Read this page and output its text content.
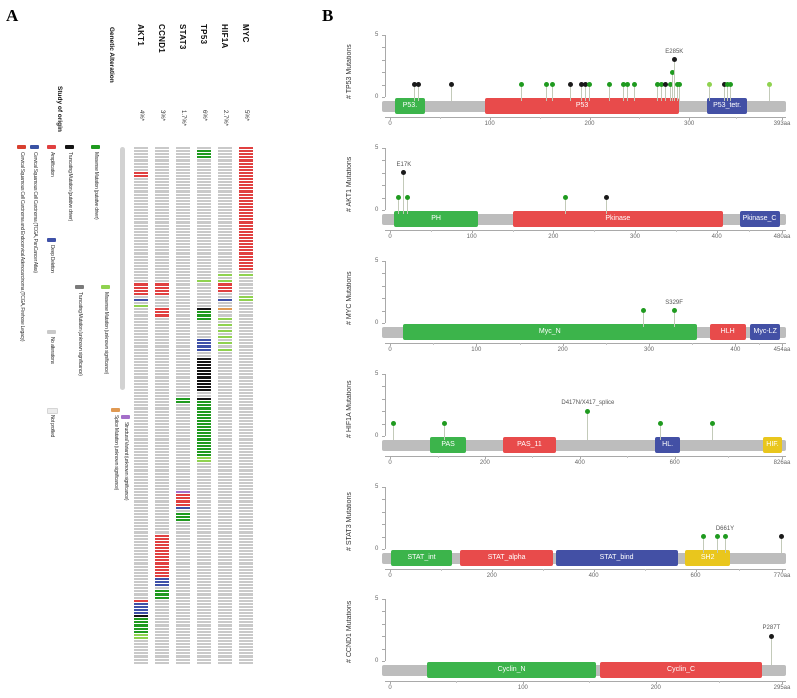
A	B
Study of origin
Genetic Alteration	AKT1
4%*
CCND1
3%*
STAT3
1.7%*
TP53
6%*
HIF1A
2.7%*
MYC
5%*
Cervical Squamous Cell Carcinoma and Endocervical Adenocarcinoma (TCGA, Firehose Legacy) Cervical Squamous Cell Carcinoma (TCGA, PanCancer Atlas) Amplification
Deep Deletion
No alterations
Not profiled
Truncating Mutation (putative driver)
Truncating Mutation (unknown significance)
Missense Mutation (putative driver)
Missense Mutation (unknown significance)
Splice Mutation (unknown significance) Structural Variant (unknown significance)
# TP53 Mutations	0
5
P53.	P53	P53_tetr.
E285K
0	100	200	300	393aa
# AKT1 Mutations	0
5
PH	Pkinase	Pkinase_C
E17K
0	100	200	300	400	480aa
# MYC Mutations	0
5
Myc_N	HLH	Myc-LZ
S329F
0	100	200	300	400	454aa
# HIF1A Mutations	0
5
PAS	PAS_11	HL.	HIF.
D417N/X417_splice
0	200	400	600	826aa
# STAT3 Mutations	0
5
STAT_int	STAT_alpha	STAT_bind	SH2
D661Y
0	200	400	600	770aa
# CCND1 Mutations	0
5
Cyclin_N	Cyclin_C
P287T
0	100	200	295aa
